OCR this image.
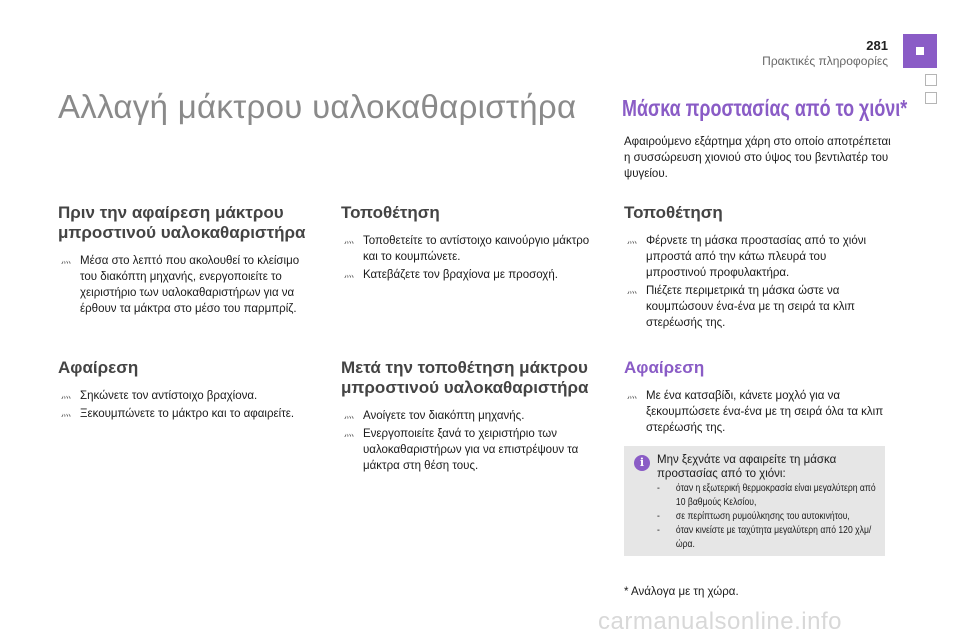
281
Πρακτικές πληροφορίες
Αλλαγή μάκτρου υαλοκαθαριστήρα Μάσκα προστασίας από το χιόνι*

Αφαιρούμενο εξάρτημα χάρη στο οποίο αποτρέπεται η συσσώρευση χιονιού στο ύψος του βεντιλατέρ του ψυγείου.

Πριν την αφαίρεση μάκτρου μπροστινού υαλοκαθαριστήρα
⺣ Μέσα στο λεπτό που ακολουθεί το κλείσιμο του διακόπτη μηχανής, ενεργοποιείτε το χειριστήριο των υαλοκαθαριστήρων για να έρθουν τα μάκτρα στο μέσο του παρμπρίζ.
Αφαίρεση
⺣ Σηκώνετε τον αντίστοιχο βραχίονα.
⺣ Ξεκουμπώνετε το μάκτρο και το αφαιρείτε.
Τοποθέτηση
⺣ Τοποθετείτε το αντίστοιχο καινούργιο μάκτρο και το κουμπώνετε.
⺣ Κατεβάζετε τον βραχίονα με προσοχή.
Μετά την τοποθέτηση μάκτρου μπροστινού υαλοκαθαριστήρα
⺣ Ανοίγετε τον διακόπτη μηχανής.
⺣ Ενεργοποιείτε ξανά το χειριστήριο των υαλοκαθαριστήρων για να επιστρέψουν τα μάκτρα στη θέση τους.
Τοποθέτηση
⺣ Φέρνετε τη μάσκα προστασίας από το χιόνι μπροστά από την κάτω πλευρά του μπροστινού προφυλακτήρα.
⺣ Πιέζετε περιμετρικά τη μάσκα ώστε να κουμπώσουν ένα-ένα με τη σειρά τα κλιπ στερέωσής της.
Αφαίρεση
⺣ Με ένα κατσαβίδι, κάνετε μοχλό για να ξεκουμπώσετε ένα-ένα με τη σειρά όλα τα κλιπ στερέωσής της.
i	Μην ξεχνάτε να αφαιρείτε τη μάσκα προστασίας από το χιόνι:

- όταν η εξωτερική θερμοκρασία είναι μεγαλύτερη από 10 βαθμούς Κελσίου,
- σε περίπτωση ρυμούλκησης του αυτοκινήτου,
- όταν κινείστε με ταχύτητα μεγαλύτερη από 120 χλμ/ώρα.

* Ανάλογα με τη χώρα.

carmanualsonline.info
